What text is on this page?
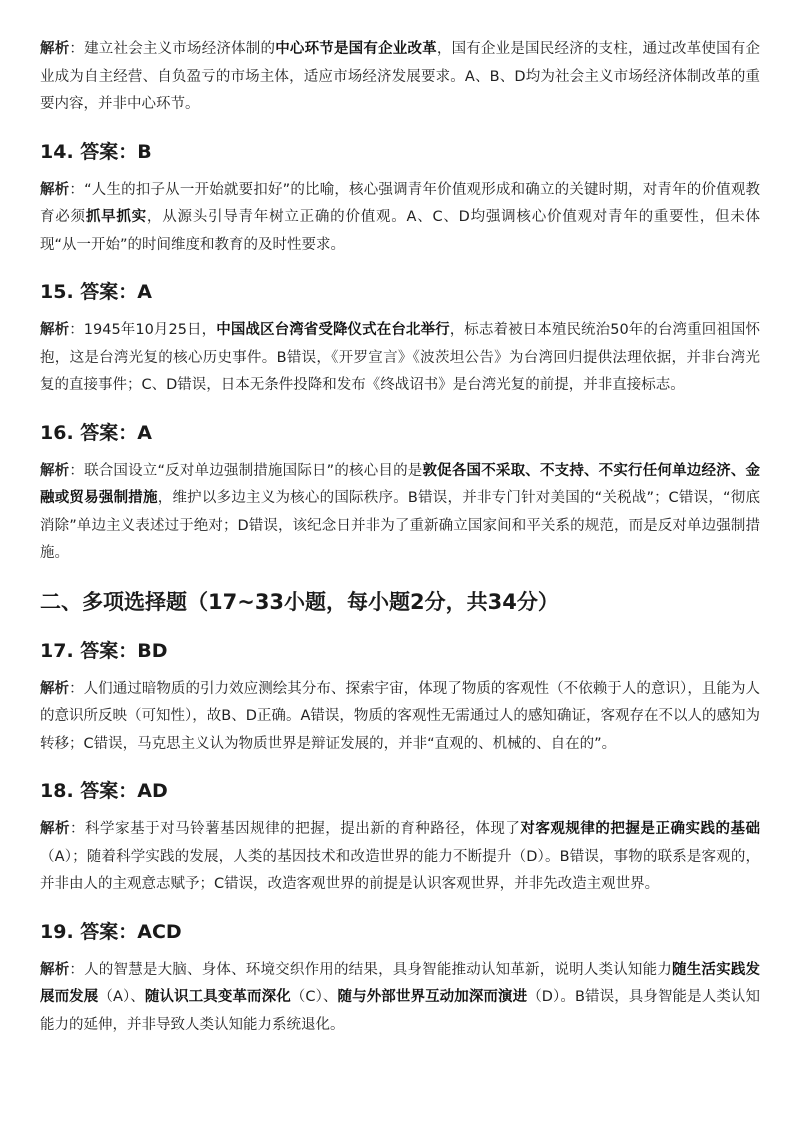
解析：建立社会主义市场经济体制的中心环节是国有企业改革，国有企业是国民经济的支柱，通过改革使国有企业成为自主经营、自负盈亏的市场主体，适应市场经济发展要求。A、B、D均为社会主义市场经济体制改革的重要内容，并非中心环节。

14. 答案：B

解析：“人生的扣子从一开始就要扣好”的比喻，核心强调青年价值观形成和确立的关键时期，对青年的价值观教育必须抓早抓实，从源头引导青年树立正确的价值观。A、C、D均强调核心价值观对青年的重要性，但未体现“从一开始”的时间维度和教育的及时性要求。

15. 答案：A

解析：1945年10月25日，中国战区台湾省受降仪式在台北举行，标志着被日本殖民统治50年的台湾重回祖国怀抱，这是台湾光复的核心历史事件。B错误，《开罗宣言》《波茨坦公告》为台湾回归提供法理依据，并非台湾光复的直接事件；C、D错误，日本无条件投降和发布《终战诏书》是台湾光复的前提，并非直接标志。

16. 答案：A

解析：联合国设立“反对单边强制措施国际日”的核心目的是敦促各国不采取、不支持、不实行任何单边经济、金融或贸易强制措施，维护以多边主义为核心的国际秩序。B错误，并非专门针对美国的“关税战”；C错误，“彻底消除”单边主义表述过于绝对；D错误，该纪念日并非为了重新确立国家间和平关系的规范，而是反对单边强制措施。

二、多项选择题（17~33小题，每小题2分，共34分）

17. 答案：BD

解析：人们通过暗物质的引力效应测绘其分布、探索宇宙，体现了物质的客观性（不依赖于人的意识），且能为人的意识所反映（可知性），故B、D正确。A错误，物质的客观性无需通过人的感知确证，客观存在不以人的感知为转移；C错误，马克思主义认为物质世界是辩证发展的，并非“直观的、机械的、自在的”。

18. 答案：AD

解析：科学家基于对马铃薯基因规律的把握，提出新的育种路径，体现了对客观规律的把握是正确实践的基础（A）；随着科学实践的发展，人类的基因技术和改造世界的能力不断提升（D）。B错误，事物的联系是客观的，并非由人的主观意志赋予；C错误，改造客观世界的前提是认识客观世界，并非先改造主观世界。

19. 答案：ACD

解析：人的智慧是大脑、身体、环境交织作用的结果，具身智能推动认知革新，说明人类认知能力随生活实践发展而发展（A）、随认识工具变革而深化（C）、随与外部世界互动加深而演进（D）。B错误，具身智能是人类认知能力的延伸，并非导致人类认知能力系统退化。
